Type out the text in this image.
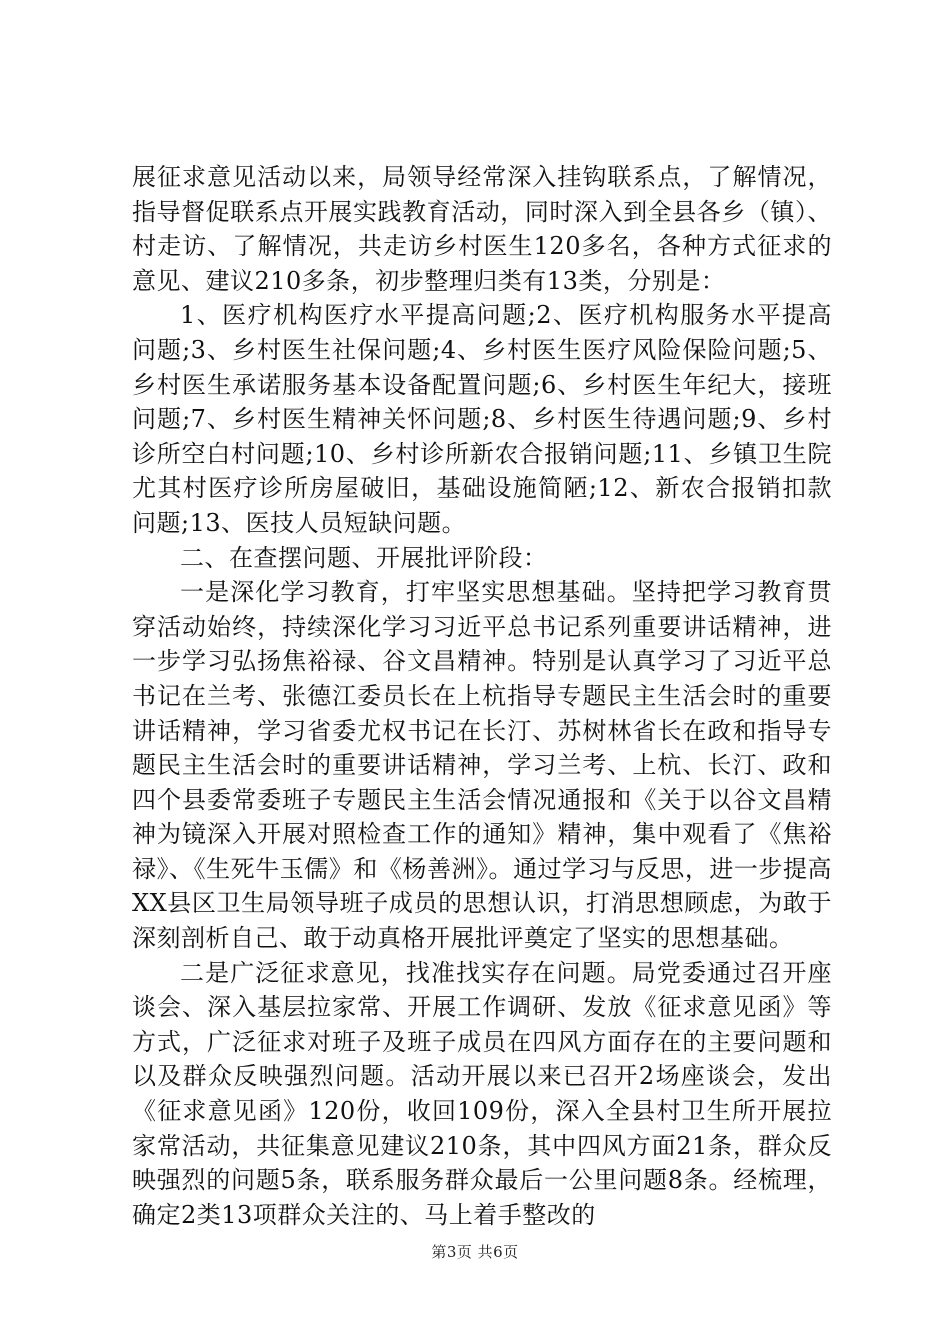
展征求意见活动以来，局领导经常深入挂钩联系点，了解情况，指导督促联系点开展实践教育活动，同时深入到全县各乡（镇）、村走访、了解情况，共走访乡村医生120多名，各种方式征求的意见、建议210多条，初步整理归类有13类，分别是：

1、医疗机构医疗水平提高问题;2、医疗机构服务水平提高问题;3、乡村医生社保问题;4、乡村医生医疗风险保险问题;5、乡村医生承诺服务基本设备配置问题;6、乡村医生年纪大，接班问题;7、乡村医生精神关怀问题;8、乡村医生待遇问题;9、乡村诊所空白村问题;10、乡村诊所新农合报销问题;11、乡镇卫生院尤其村医疗诊所房屋破旧，基础设施简陋;12、新农合报销扣款问题;13、医技人员短缺问题。

二、在查摆问题、开展批评阶段：

一是深化学习教育，打牢坚实思想基础。坚持把学习教育贯穿活动始终，持续深化学习习近平总书记系列重要讲话精神，进一步学习弘扬焦裕禄、谷文昌精神。特别是认真学习了习近平总书记在兰考、张德江委员长在上杭指导专题民主生活会时的重要讲话精神，学习省委尤权书记在长汀、苏树林省长在政和指导专题民主生活会时的重要讲话精神，学习兰考、上杭、长汀、政和四个县委常委班子专题民主生活会情况通报和《关于以谷文昌精神为镜深入开展对照检查工作的通知》精神，集中观看了《焦裕禄》、《生死牛玉儒》和《杨善洲》。通过学习与反思，进一步提高XX县区卫生局领导班子成员的思想认识，打消思想顾虑，为敢于深刻剖析自己、敢于动真格开展批评奠定了坚实的思想基础。

二是广泛征求意见，找准找实存在问题。局党委通过召开座谈会、深入基层拉家常、开展工作调研、发放《征求意见函》等方式，广泛征求对班子及班子成员在四风方面存在的主要问题和以及群众反映强烈问题。活动开展以来已召开2场座谈会，发出《征求意见函》120份，收回109份，深入全县村卫生所开展拉家常活动，共征集意见建议210条，其中四风方面21条，群众反映强烈的问题5条，联系服务群众最后一公里问题8条。经梳理，确定2类13项群众关注的、马上着手整改的

第3页 共6页
